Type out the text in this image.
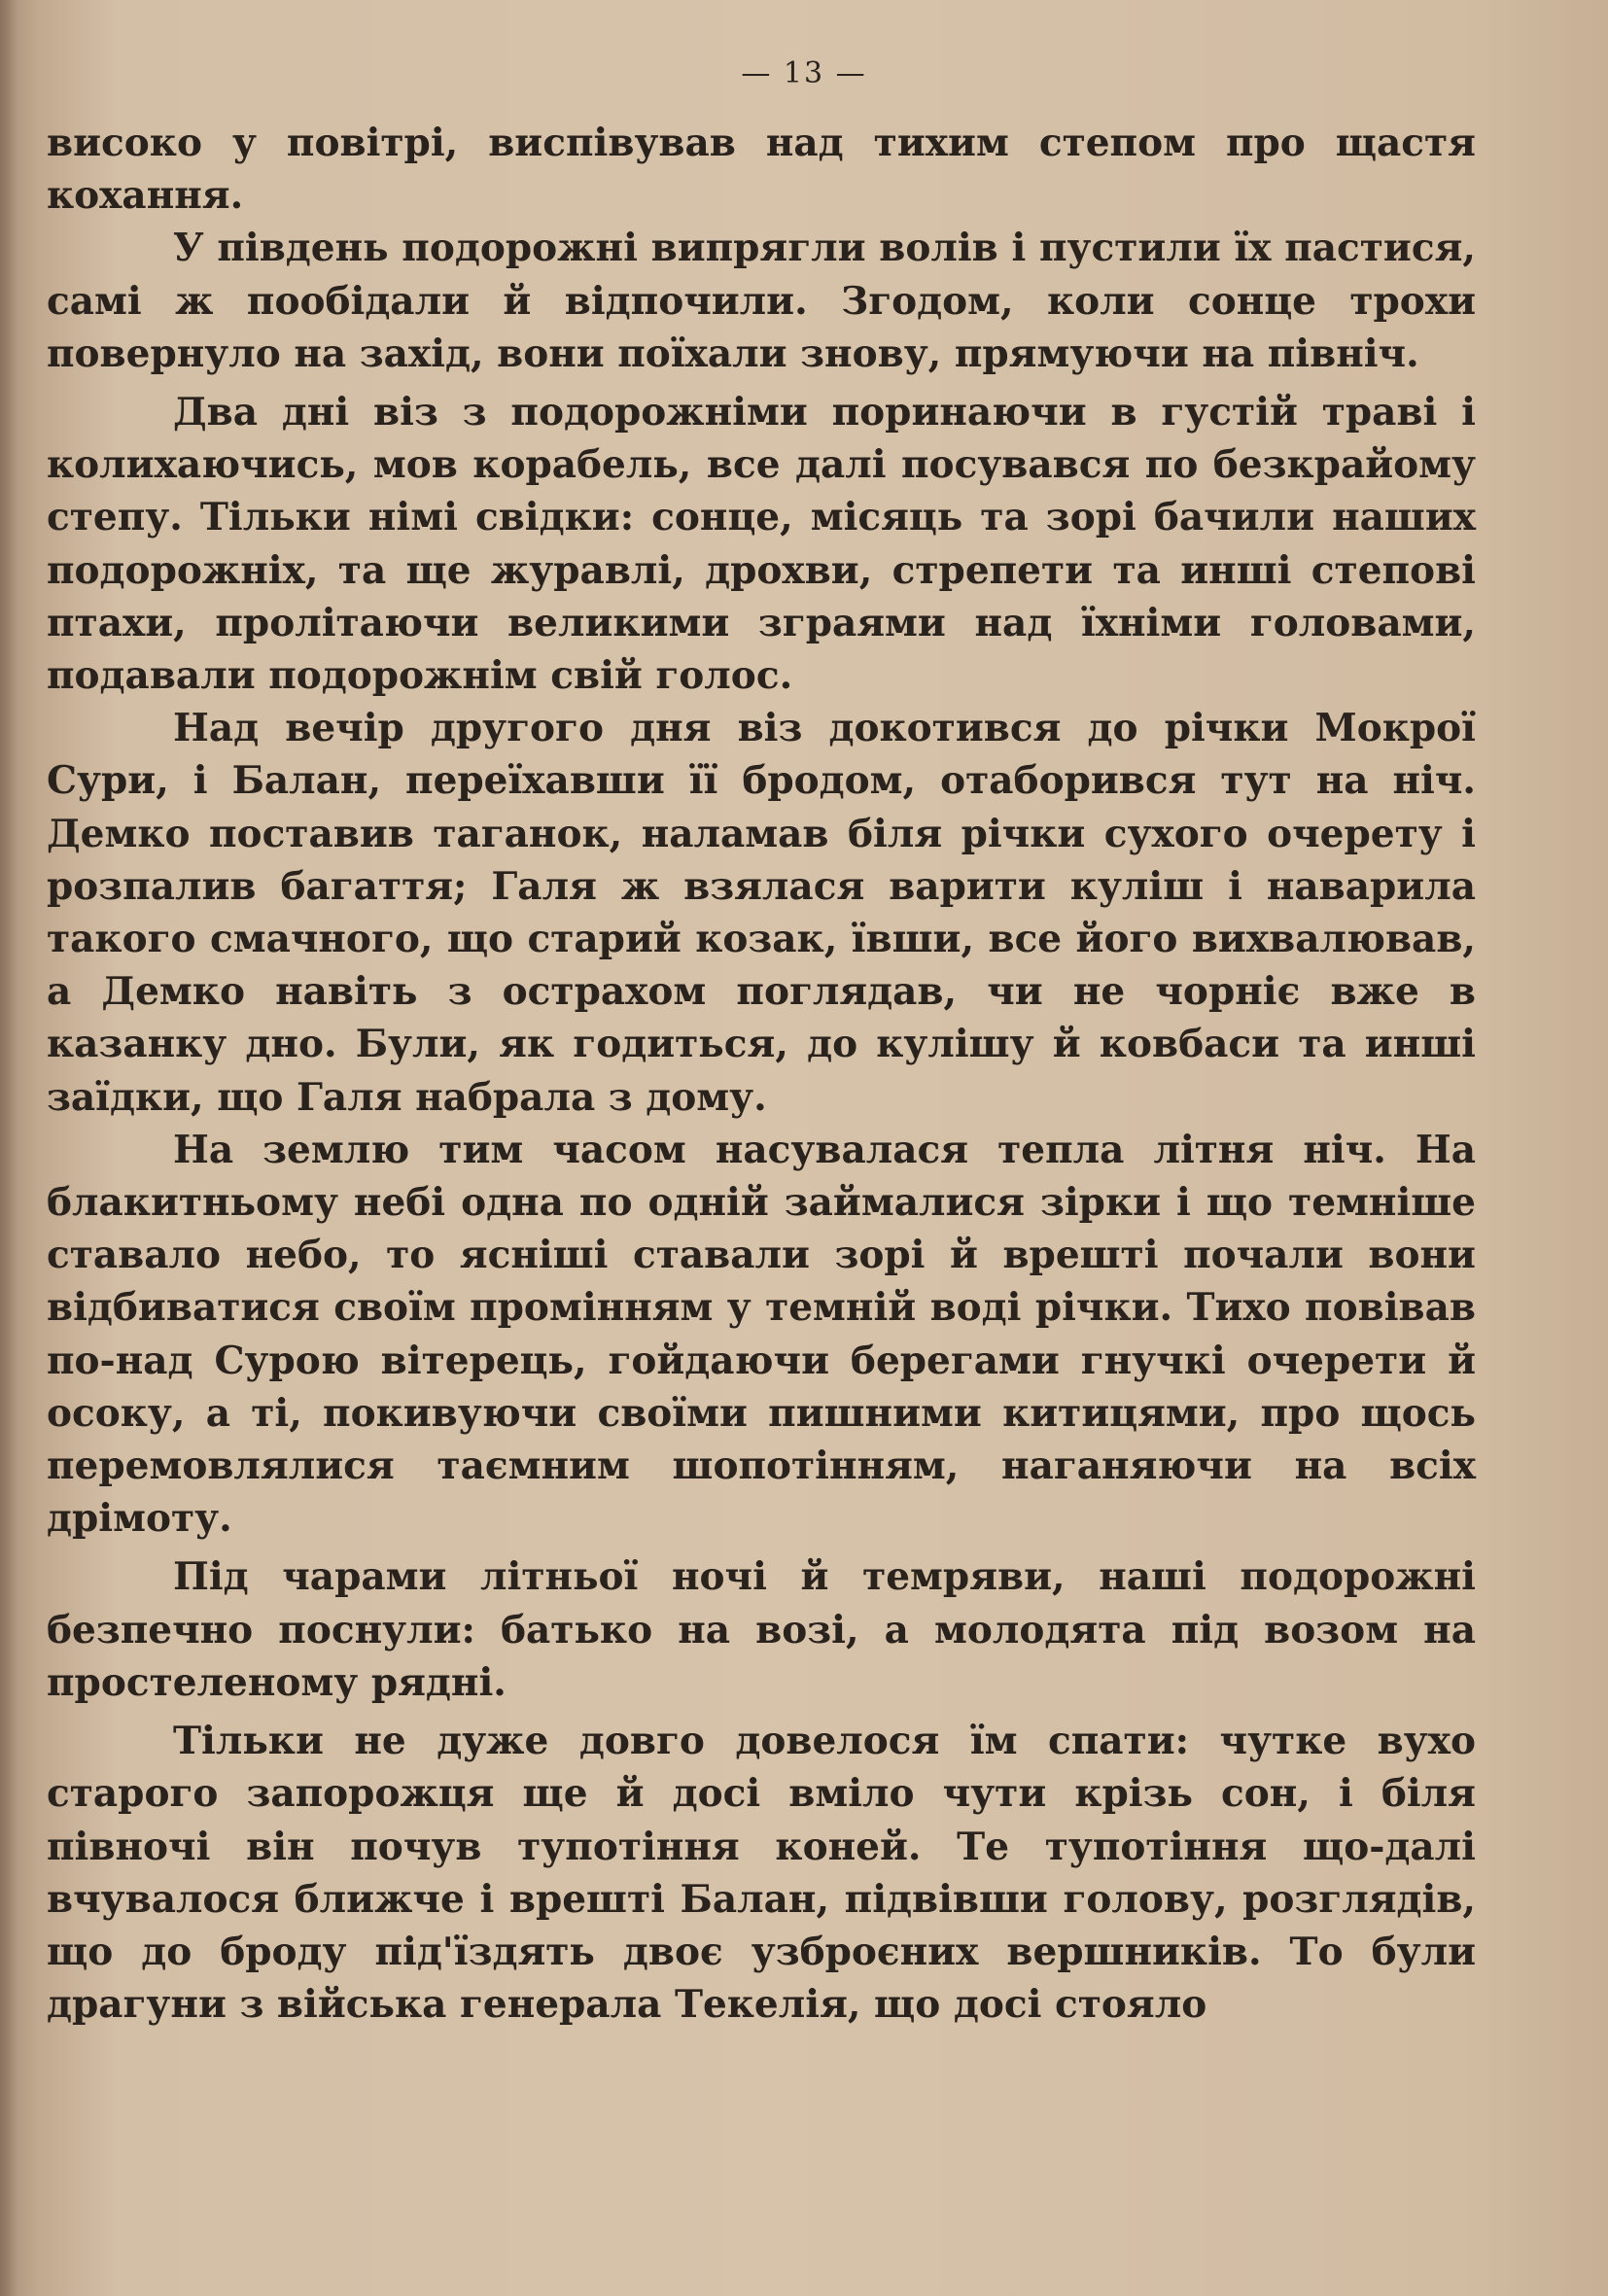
— 13 —

високо у повітрі, виспівував над тихим степом про щастя кохання.

У південь подорожні випрягли волів і пустили їх пастися, самі ж пообідали й відпочили. Згодом, коли сонце трохи повернуло на захід, вони поїхали знову, прямуючи на північ.

Два дні віз з подорожніми поринаючи в густій траві і колихаючись, мов корабель, все далі посувався по безкрайому степу. Тільки німі свідки: сонце, місяць та зорі бачили наших подорожніх, та ще журавлі, дрохви, стрепети та инші степові птахи, пролітаючи великими зграями над їхніми головами, подавали подорожнім свій голос.

Над вечір другого дня віз докотився до річки Мокрої Сури, і Балан, переїхавши її бродом, отаборився тут на ніч. Демко поставив таганок, наламав біля річки сухого очерету і розпалив багаття; Галя ж взялася варити куліш і наварила такого смачного, що старий козак, ївши, все його вихвалював, а Демко навіть з острахом поглядав, чи не чорніє вже в казанку дно. Були, як годиться, до кулішу й ковбаси та инші заїдки, що Галя набрала з дому.

На землю тим часом насувалася тепла літня ніч. На блакитньому небі одна по одній займалися зірки і що темніше ставало небо, то ясніші ставали зорі й врешті почали вони відбиватися своїм промінням у темній воді річки. Тихо повівав по-над Сурою вітерець, гойдаючи берегами гнучкі очерети й осоку, а ті, покивуючи своїми пишними китицями, про щось перемовлялися таємним шопотінням, наганяючи на всіх дрімоту.

Під чарами літньої ночі й темряви, наші подорожні безпечно поснули: батько на возі, а молодята під возом на простеленому рядні.

Тільки не дуже довго довелося їм спати: чутке вухо старого запорожця ще й досі вміло чути крізь сон, і біля півночі він почув тупотіння коней. Те тупотіння що-далі вчувалося ближче і врешті Балан, підвівши голову, розглядів, що до броду під'їздять двоє узброєних вершників. То були драгуни з війська генерала Текелія, що досі стояло
